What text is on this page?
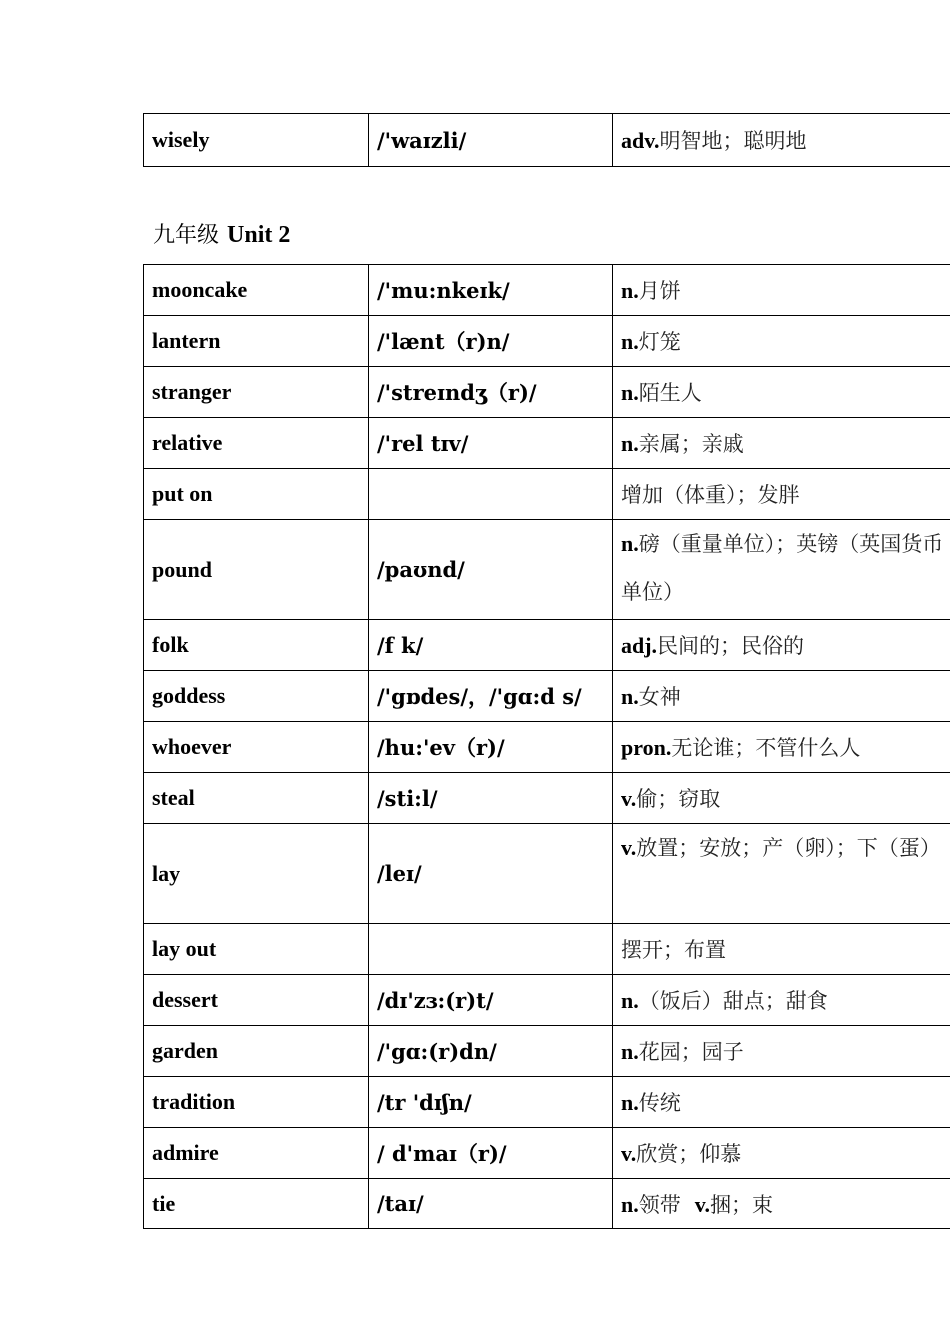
wisely	/'waɪzli/	adv.明智地；聪明地
九年级 Unit 2
mooncake	/'mu:nkeɪk/	n.月饼
lantern	/'lænt（r)n/	n.灯笼
stranger	/'streɪndʒ（r)/	n.陌生人
relative	/'rel tɪv/	n.亲属；亲戚
put on		增加（体重）；发胖
pound	/paʊnd/	n.磅（重量单位）；英镑（英国货币单位）
folk	/f k/	adj.民间的；民俗的
goddess	/'gɒdes/，/'gɑ:d s/	n.女神
whoever	/hu:'ev（r)/	pron.无论谁；不管什么人
steal	/sti:l/	v.偷；窃取
lay	/leɪ/	v.放置；安放；产（卵）；下（蛋）
lay out		摆开；布置
dessert	/dɪ'zɜ:(r)t/	n.（饭后）甜点；甜食
garden	/'gɑ:(r)dn/	n.花园；园子
tradition	/tr 'dɪʃn/	n.传统
admire	/ d'maɪ（r)/	v.欣赏；仰慕
tie	/taɪ/	n.领带 v.捆；束
